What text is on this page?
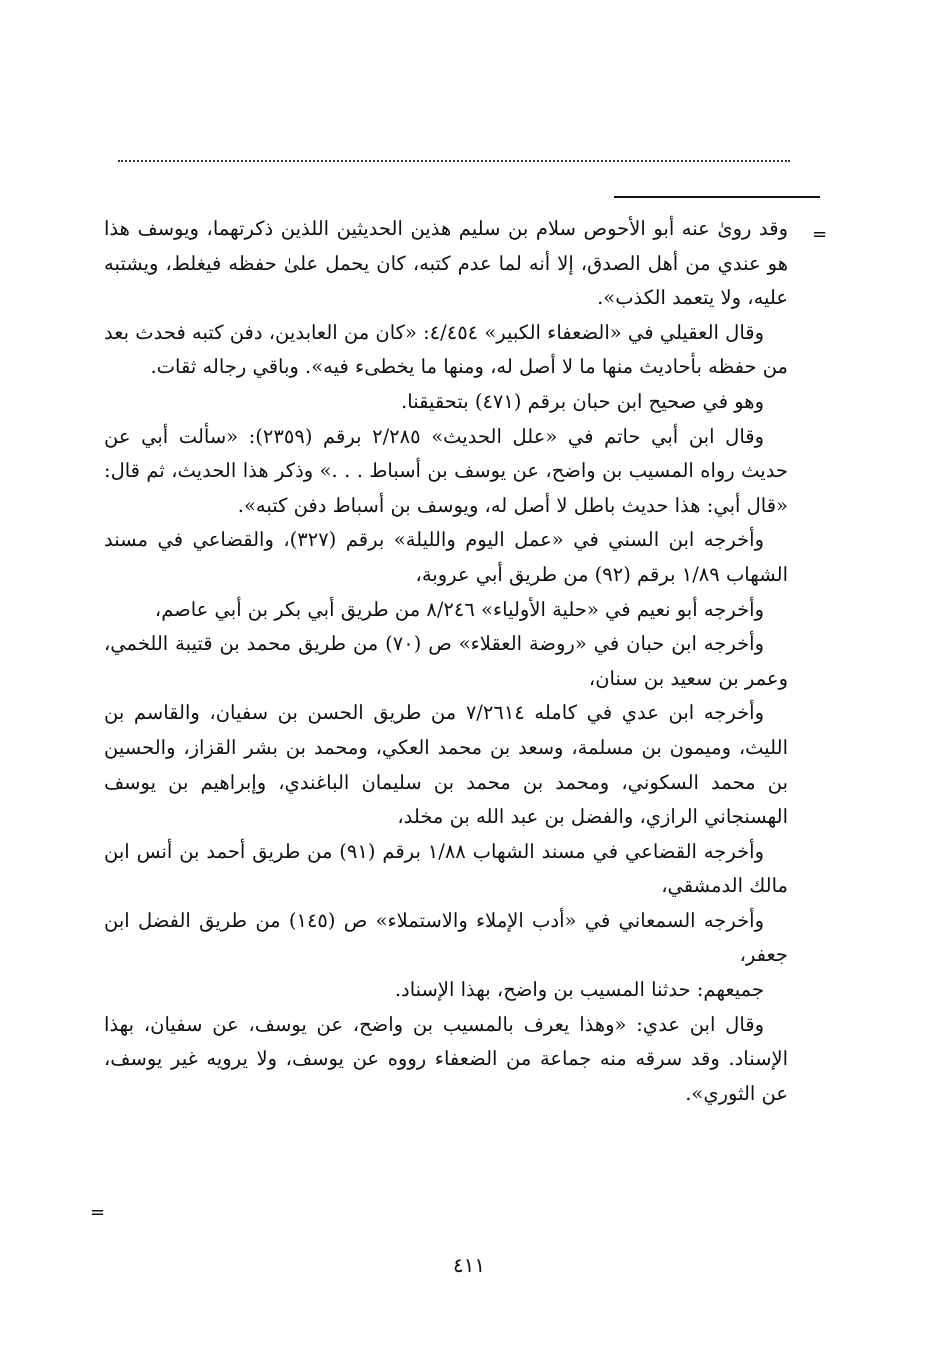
=

وقد روىٰ عنه أبو الأحوص سلام بن سليم هذين الحديثين اللذين ذكرتهما، ويوسف هذا هو عندي من أهل الصدق، إلا أنه لما عدم كتبه، كان يحمل علىٰ حفظه فيغلط، ويشتبه عليه، ولا يتعمد الكذب».

وقال العقيلي في «الضعفاء الكبير» ٤/٤٥٤: «كان من العابدين، دفن كتبه فحدث بعد من حفظه بأحاديث منها ما لا أصل له، ومنها ما يخطىء فيه». وباقي رجاله ثقات.

وهو في صحيح ابن حبان برقم (٤٧١) بتحقيقنا.

وقال ابن أبي حاتم في «علل الحديث» ٢/٢٨٥ برقم (٢٣٥٩): «سألت أبي عن حديث رواه المسيب بن واضح، عن يوسف بن أسباط . . .» وذكر هذا الحديث، ثم قال: «قال أبي: هذا حديث باطل لا أصل له، ويوسف بن أسباط دفن كتبه».

وأخرجه ابن السني في «عمل اليوم والليلة» برقم (٣٢٧)، والقضاعي في مسند الشهاب ١/٨٩ برقم (٩٢) من طريق أبي عروبة،

وأخرجه أبو نعيم في «حلية الأولياء» ٨/٢٤٦ من طريق أبي بكر بن أبي عاصم،

وأخرجه ابن حبان في «روضة العقلاء» ص (٧٠) من طريق محمد بن قتيبة اللخمي، وعمر بن سعيد بن سنان،

وأخرجه ابن عدي في كامله ٧/٢٦١٤ من طريق الحسن بن سفيان، والقاسم بن الليث، وميمون بن مسلمة، وسعد بن محمد العكي، ومحمد بن بشر القزاز، والحسين بن محمد السكوني، ومحمد بن محمد بن سليمان الباغندي، وإبراهيم بن يوسف الهسنجاني الرازي، والفضل بن عبد الله بن مخلد،

وأخرجه القضاعي في مسند الشهاب ١/٨٨ برقم (٩١) من طريق أحمد بن أنس ابن مالك الدمشقي،

وأخرجه السمعاني في «أدب الإملاء والاستملاء» ص (١٤٥) من طريق الفضل ابن جعفر،

جميعهم: حدثنا المسيب بن واضح، بهذا الإسناد.

وقال ابن عدي: «وهذا يعرف بالمسيب بن واضح، عن يوسف، عن سفيان، بهذا الإسناد. وقد سرقه منه جماعة من الضعفاء رووه عن يوسف، ولا يرويه غير يوسف، عن الثوري».

=
٤١١
